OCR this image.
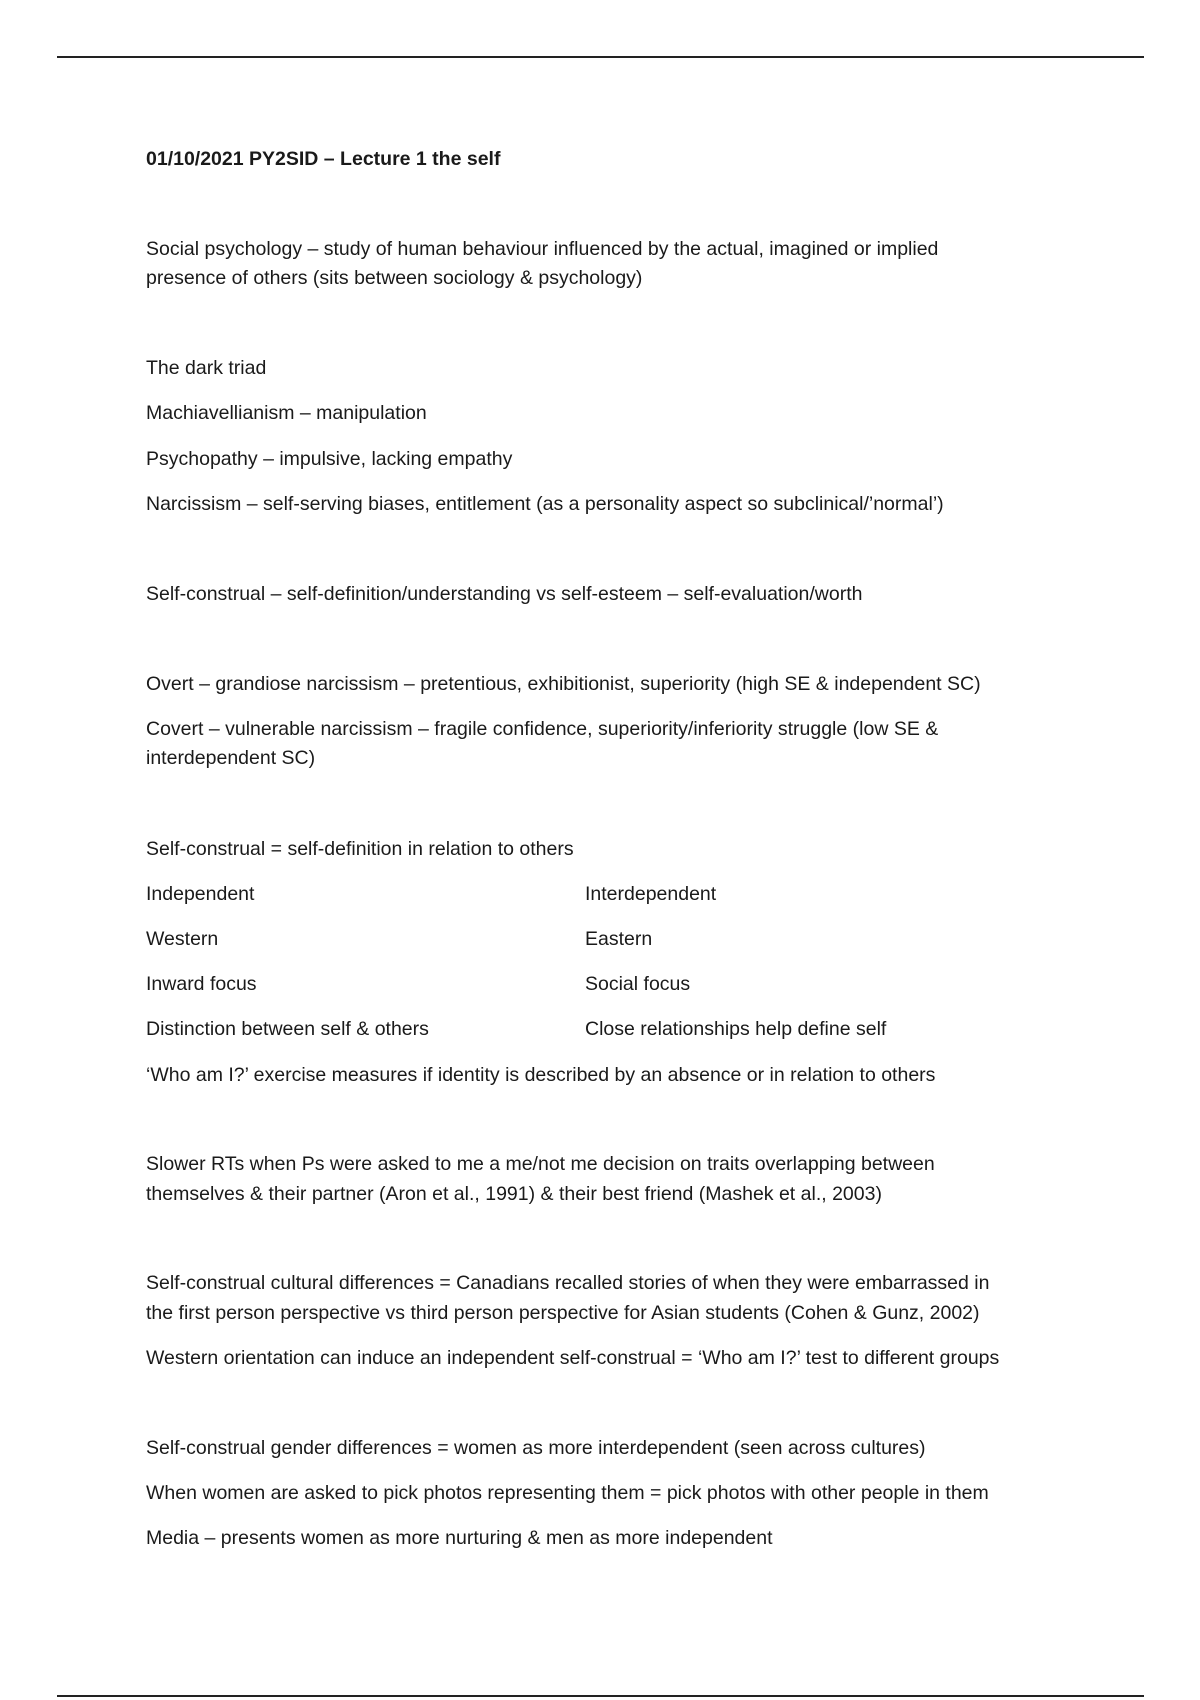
01/10/2021 PY2SID – Lecture 1 the self
Social psychology – study of human behaviour influenced by the actual, imagined or implied
presence of others (sits between sociology & psychology)
The dark triad
Machiavellianism – manipulation
Psychopathy – impulsive, lacking empathy
Narcissism – self-serving biases, entitlement (as a personality aspect so subclinical/’normal’)
Self-construal – self-definition/understanding vs self-esteem – self-evaluation/worth
Overt – grandiose narcissism – pretentious, exhibitionist, superiority (high SE & independent SC)
Covert – vulnerable narcissism – fragile confidence, superiority/inferiority struggle (low SE &
interdependent SC)
Self-construal = self-definition in relation to others
Independent	Interdependent
Western	Eastern
Inward focus	Social focus
Distinction between self & others	Close relationships help define self
‘Who am I?’ exercise measures if identity is described by an absence or in relation to others
Slower RTs when Ps were asked to me a me/not me decision on traits overlapping between
themselves & their partner (Aron et al., 1991) & their best friend (Mashek et al., 2003)
Self-construal cultural differences = Canadians recalled stories of when they were embarrassed in
the first person perspective vs third person perspective for Asian students (Cohen & Gunz, 2002)
Western orientation can induce an independent self-construal = ‘Who am I?’ test to different groups
Self-construal gender differences = women as more interdependent (seen across cultures)
When women are asked to pick photos representing them = pick photos with other people in them
Media – presents women as more nurturing & men as more independent
